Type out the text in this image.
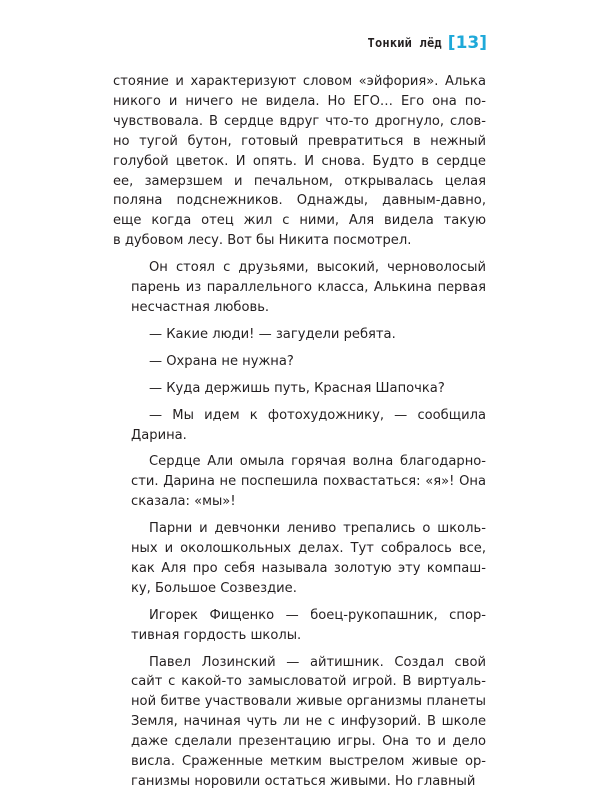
Тонкий лёд [13]
стояние и характеризуют словом «эйфория». Алька
никого и ничего не видела. Но ЕГО… Его она по-
чувствовала. В сердце вдруг что-то дрогнуло, слов-
но тугой бутон, готовый превратиться в нежный
голубой цветок. И опять. И снова. Будто в сердце
ее, замерзшем и печальном, открывалась целая
поляна подснежников. Однажды, давным-давно,
еще когда отец жил с ними, Аля видела такую
в дубовом лесу. Вот бы Никита посмотрел.
Он стоял с друзьями, высокий, черноволосый
парень из параллельного класса, Алькина первая
несчастная любовь.
— Какие люди! — загудели ребята.
— Охрана не нужна?
— Куда держишь путь, Красная Шапочка?
— Мы идем к фотохудожнику, — сообщила
Дарина.
Сердце Али омыла горячая волна благодарно-
сти. Дарина не поспешила похвастаться: «я»! Она
сказала: «мы»!
Парни и девчонки лениво трепались о школь-
ных и околошкольных делах. Тут собралось все,
как Аля про себя называла золотую эту компаш-
ку, Большое Созвездие.
Игорек Фищенко — боец-рукопашник, спор-
тивная гордость школы.
Павел Лозинский — айтишник. Создал свой
сайт с какой-то замысловатой игрой. В виртуаль-
ной битве участвовали живые организмы планеты
Земля, начиная чуть ли не с инфузорий. В школе
даже сделали презентацию игры. Она то и дело
висла. Сраженные метким выстрелом живые ор-
ганизмы норовили остаться живыми. Но главный
